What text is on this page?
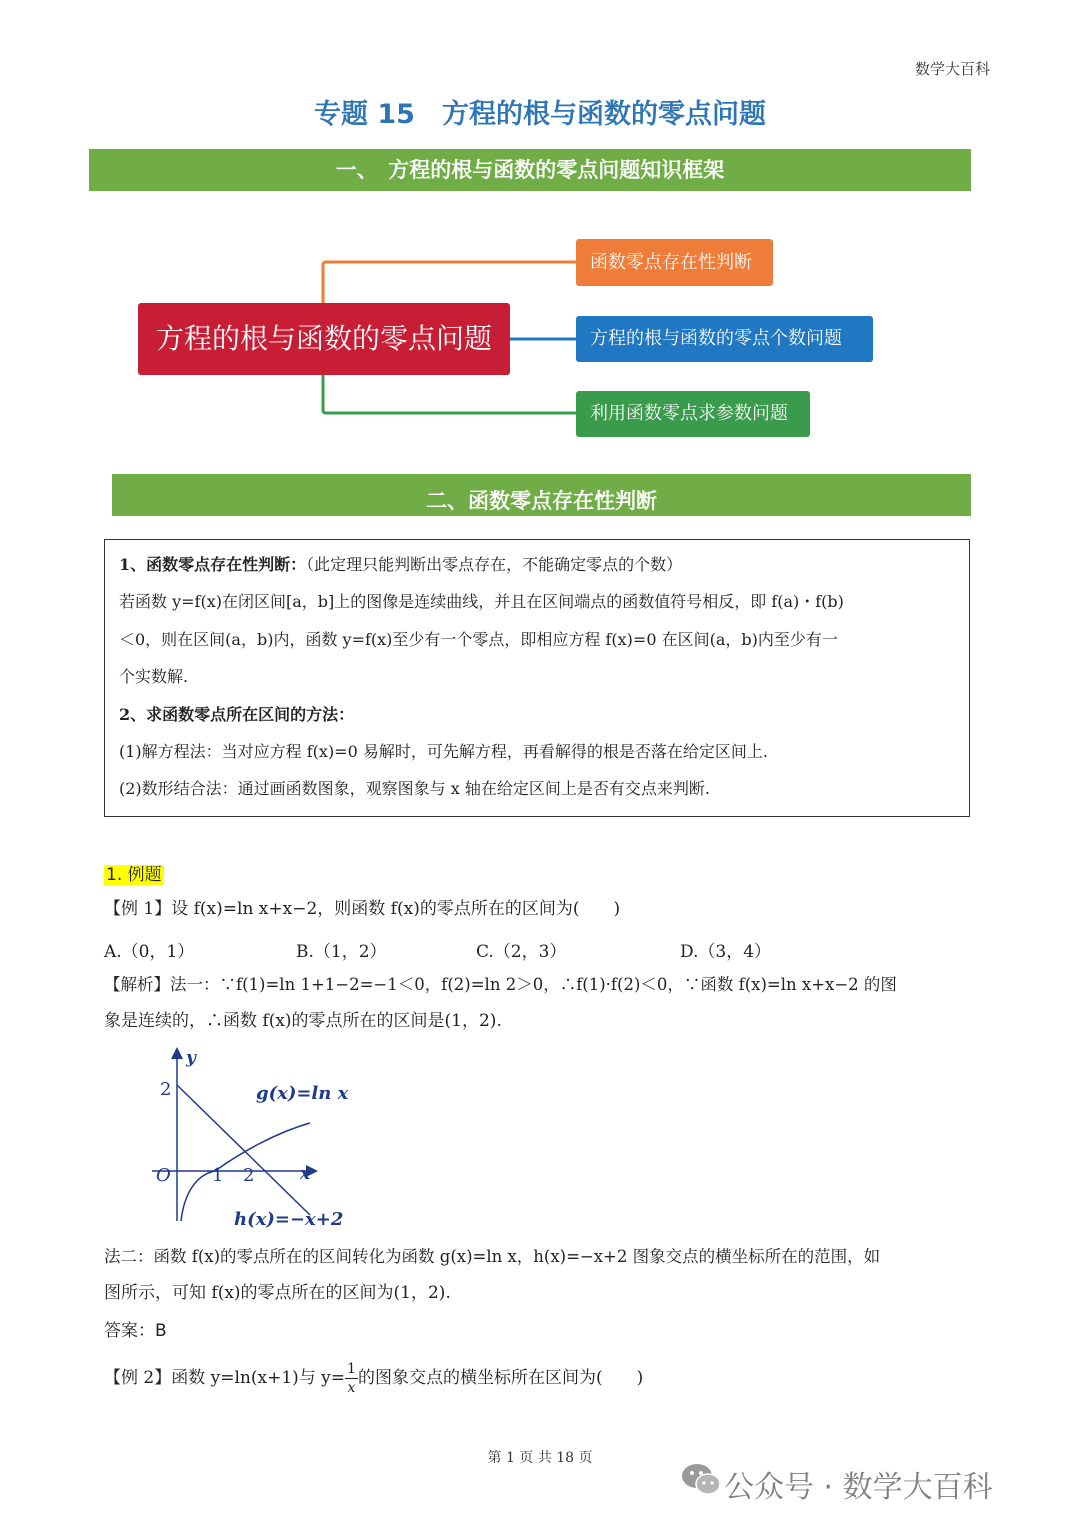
数学大百科
专题 15　方程的根与函数的零点问题
一、　方程的根与函数的零点问题知识框架
方程的根与函数的零点问题
函数零点存在性判断
方程的根与函数的零点个数问题
利用函数零点求参数问题
二、函数零点存在性判断

1、函数零点存在性判断：（此定理只能判断出零点存在，不能确定零点的个数）

若函数 y=f(x)在闭区间[a，b]上的图像是连续曲线，并且在区间端点的函数值符号相反，即 f(a)・f(b)

＜0，则在区间(a，b)内，函数 y=f(x)至少有一个零点，即相应方程 f(x)=0 在区间(a，b)内至少有一

个实数解.

2、求函数零点所在区间的方法：

(1)解方程法：当对应方程 f(x)=0 易解时，可先解方程，再看解得的根是否落在给定区间上.

(2)数形结合法：通过画函数图象，观察图象与 x 轴在给定区间上是否有交点来判断.

1. 例题
【例 1】设 f(x)=ln x+x−2，则函数 f(x)的零点所在的区间为(　　)
A.（0，1）	B.（1，2）	C.（2，3）	D.（3，4）
【解析】法一：∵f(1)=ln 1+1−2=−1＜0，f(2)=ln 2＞0，∴f(1)·f(2)＜0，∵函数 f(x)=ln x+x−2 的图
象是连续的，∴函数 f(x)的零点所在的区间是(1，2).
y
x
O
2
1 2
g(x)=ln x
h(x)=−x+2
法二：函数 f(x)的零点所在的区间转化为函数 g(x)=ln x，h(x)=−x+2 图象交点的横坐标所在的范围，如
图所示，可知 f(x)的零点所在的区间为(1，2).
答案：B
【例 2】函数 y=ln(x+1)与 $y= \frac{1}{x}$ 的图象交点的横坐标所在区间为(　　)
第 1 页 共 18 页
公众号 · 数学大百科
